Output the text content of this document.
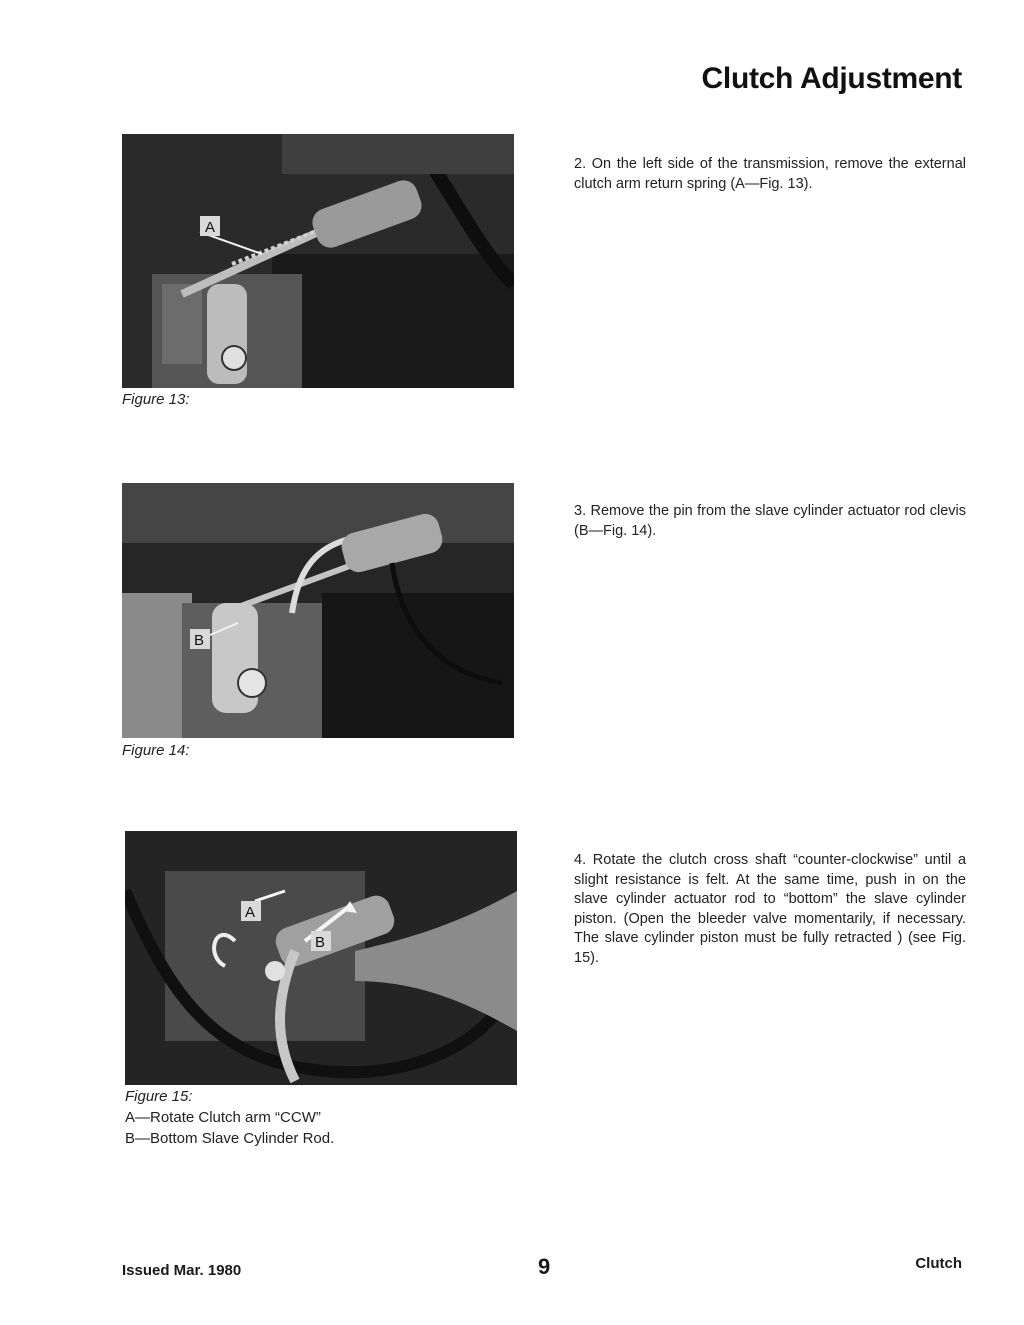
Clutch Adjustment
A
Figure 13:
2. On the left side of the transmission, remove the external clutch arm return spring (A—Fig. 13).
B
Figure 14:
3. Remove the pin from the slave cylinder actuator rod clevis (B—Fig. 14).
A
B
Figure 15:
A—Rotate Clutch arm “CCW”
B—Bottom Slave Cylinder Rod.
4. Rotate the clutch cross shaft “counter-clockwise” until a slight resistance is felt. At the same time, push in on the slave cylinder actuator rod to “bottom” the slave cylinder piston. (Open the bleeder valve momentarily, if necessary. The slave cylinder piston must be fully retracted ) (see Fig. 15).
Issued Mar. 1980	9	Clutch
